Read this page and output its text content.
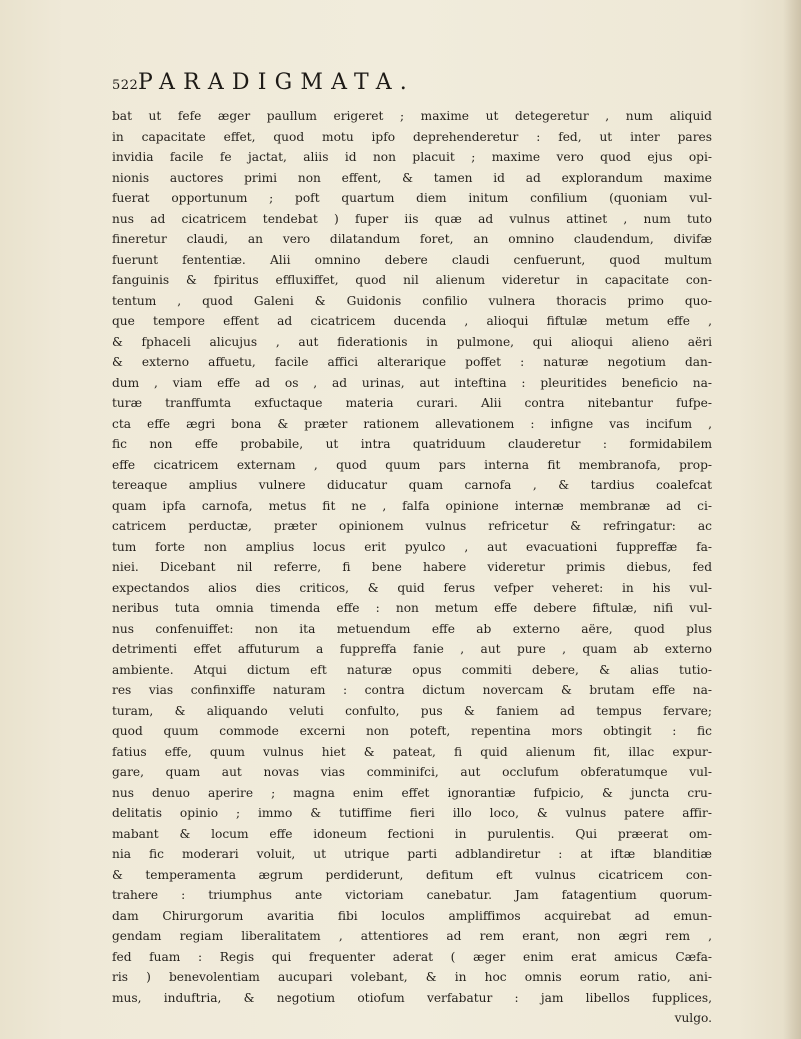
522 PARADIGMATA.
bat ut fefe æger paullum erigeret ; maxime ut detegeretur , num aliquid
in capacitate effet, quod motu ipfo deprehenderetur : fed, ut inter pares
invidia facile fe jactat, aliis id non placuit ; maxime vero quod ejus opi-
nionis auctores primi non effent, & tamen id ad explorandum maxime
fuerat opportunum ; poft quartum diem initum confilium (quoniam vul-
nus ad cicatricem tendebat ) fuper iis quæ ad vulnus attinet , num tuto
fineretur claudi, an vero dilatandum foret, an omnino claudendum, divifæ
fuerunt fententiæ. Alii omnino debere claudi cenfuerunt, quod multum
fanguinis & fpiritus effluxiffet, quod nil alienum videretur in capacitate con-
tentum , quod Galeni & Guidonis confilio vulnera thoracis primo quo-
que tempore effent ad cicatricem ducenda , alioqui fiftulæ metum effe ,
& fphaceli alicujus , aut fiderationis in pulmone, qui alioqui alieno aëri
& externo affuetu, facile affici alterarique poffet : naturæ negotium dan-
dum , viam effe ad os , ad urinas, aut inteftina : pleuritides beneficio na-
turæ tranffumta exfuctaque materia curari. Alii contra nitebantur fufpe-
cta effe ægri bona & præter rationem allevationem : infigne vas incifum ,
fic non effe probabile, ut intra quatriduum clauderetur : formidabilem
effe cicatricem externam , quod quum pars interna fit membranofa, prop-
tereaque amplius vulnere diducatur quam carnofa , & tardius coalefcat
quam ipfa carnofa, metus fit ne , falfa opinione internæ membranæ ad ci-
catricem perductæ, præter opinionem vulnus refricetur & refringatur: ac
tum forte non amplius locus erit pyulco , aut evacuationi fuppreffæ fa-
niei. Dicebant nil referre, fi bene habere videretur primis diebus, fed
expectandos alios dies criticos, & quid ferus vefper veheret: in his vul-
neribus tuta omnia timenda effe : non metum effe debere fiftulæ, nifi vul-
nus confenuiffet: non ita metuendum effe ab externo aëre, quod plus
detrimenti effet affuturum a fuppreffa fanie , aut pure , quam ab externo
ambiente. Atqui dictum eft naturæ opus commiti debere, & alias tutio-
res vias confinxiffe naturam : contra dictum novercam & brutam effe na-
turam, & aliquando veluti confulto, pus & faniem ad tempus fervare;
quod quum commode excerni non poteft, repentina mors obtingit : fic
fatius effe, quum vulnus hiet & pateat, fi quid alienum fit, illac expur-
gare, quam aut novas vias comminifci, aut occlufum obferatumque vul-
nus denuo aperire ; magna enim effet ignorantiæ fufpicio, & juncta cru-
delitatis opinio ; immo & tutiffime fieri illo loco, & vulnus patere affir-
mabant & locum effe idoneum fectioni in purulentis. Qui præerat om-
nia fic moderari voluit, ut utrique parti adblandiretur : at iftæ blanditiæ
& temperamenta ægrum perdiderunt, defitum eft vulnus cicatricem con-
trahere : triumphus ante victoriam canebatur. Jam fatagentium quorum-
dam Chirurgorum avaritia fibi loculos ampliffimos acquirebat ad emun-
gendam regiam liberalitatem , attentiores ad rem erant, non ægri rem ,
fed fuam : Regis qui frequenter aderat ( æger enim erat amicus Cæfa-
ris ) benevolentiam aucupari volebant, & in hoc omnis eorum ratio, ani-
mus, induftria, & negotium otiofum verfabatur : jam libellos fupplices,
vulgo.
